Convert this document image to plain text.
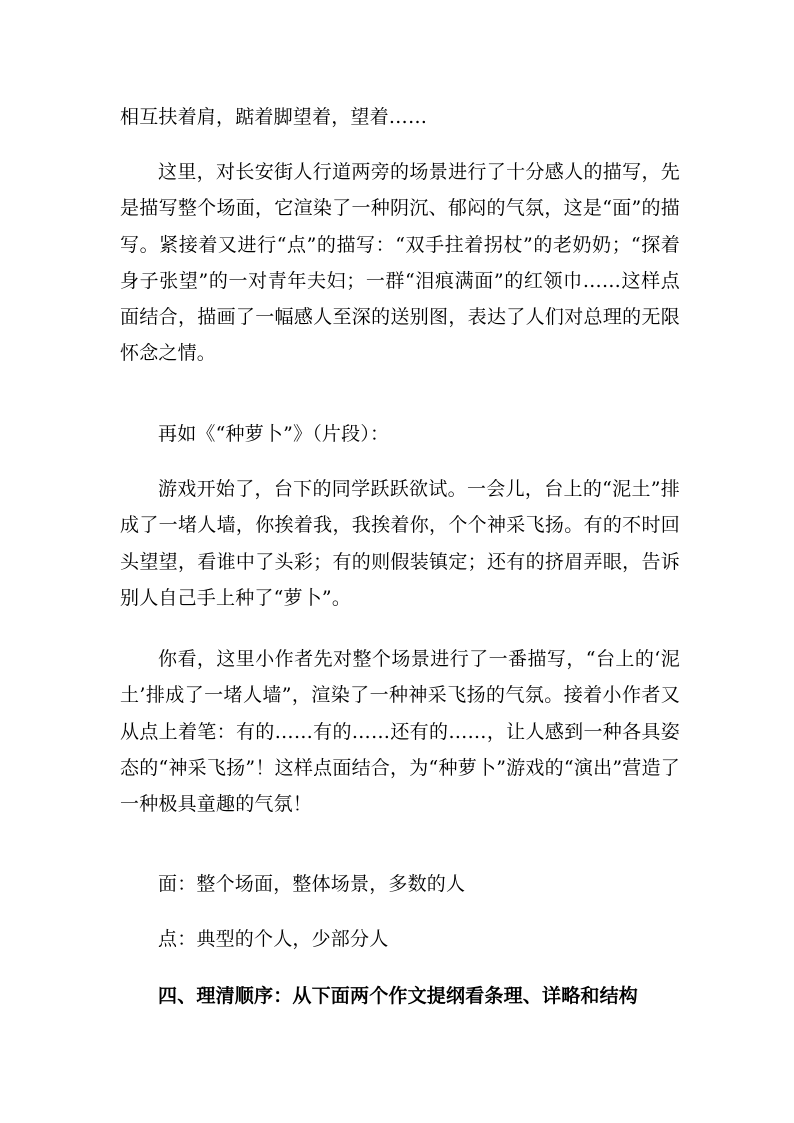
相互扶着肩，踮着脚望着，望着……

这里，对长安街人行道两旁的场景进行了十分感人的描写，先是描写整个场面，它渲染了一种阴沉、郁闷的气氛，这是“面”的描写。紧接着又进行“点”的描写：“双手拄着拐杖”的老奶奶；“探着身子张望”的一对青年夫妇；一群“泪痕满面”的红领巾……这样点面结合，描画了一幅感人至深的送别图，表达了人们对总理的无限怀念之情。

再如《“种萝卜”》（片段）：

游戏开始了，台下的同学跃跃欲试。一会儿，台上的“泥土”排成了一堵人墙，你挨着我，我挨着你，个个神采飞扬。有的不时回头望望，看谁中了头彩；有的则假装镇定；还有的挤眉弄眼，告诉别人自己手上种了“萝卜”。

你看，这里小作者先对整个场景进行了一番描写，“台上的‘泥土’排成了一堵人墙”，渲染了一种神采飞扬的气氛。接着小作者又从点上着笔：有的……有的……还有的……，让人感到一种各具姿态的“神采飞扬”！这样点面结合，为“种萝卜”游戏的“演出”营造了一种极具童趣的气氛！

面：整个场面，整体场景，多数的人

点：典型的个人，少部分人

四、理清顺序：从下面两个作文提纲看条理、详略和结构
